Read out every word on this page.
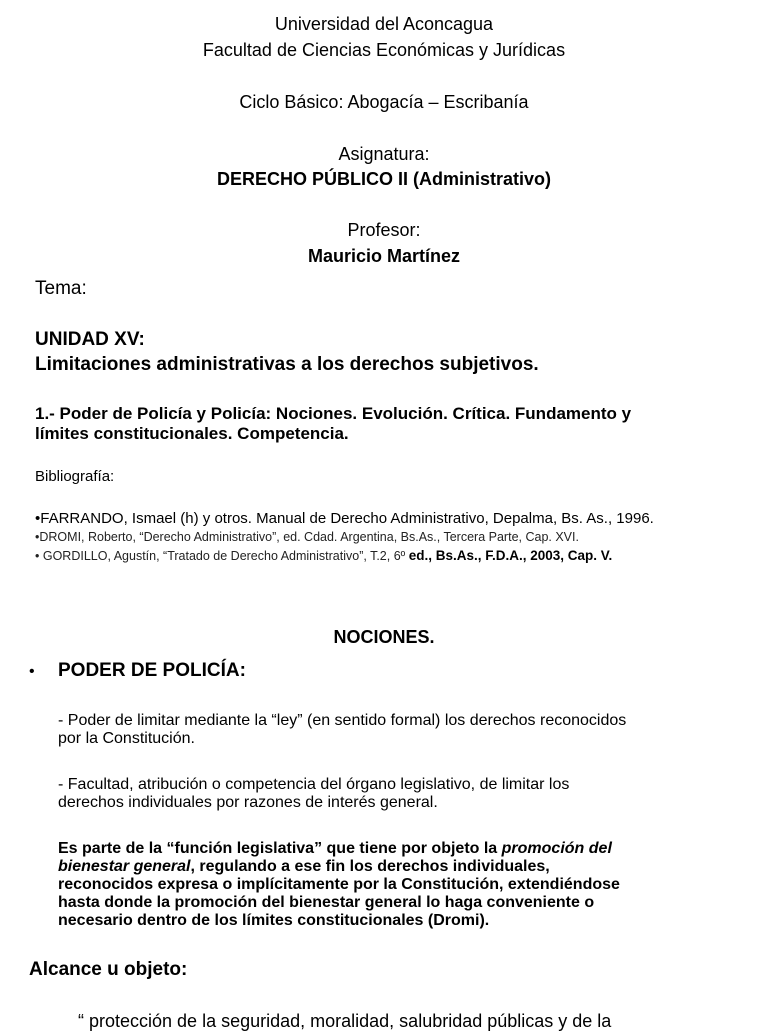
Universidad del Aconcagua
Facultad de Ciencias Económicas y Jurídicas
Ciclo Básico: Abogacía – Escribanía
Asignatura:
DERECHO PÚBLICO II (Administrativo)
Profesor:
Mauricio Martínez
Tema:
UNIDAD XV:
Limitaciones administrativas a los derechos subjetivos.
1.- Poder de Policía y Policía: Nociones. Evolución. Crítica. Fundamento y
límites constitucionales. Competencia.
Bibliografía:
•FARRANDO, Ismael (h) y otros. Manual de Derecho Administrativo, Depalma, Bs. As., 1996.
•DROMI, Roberto, “Derecho Administrativo”, ed. Cdad. Argentina, Bs.As., Tercera Parte, Cap. XVI.
• GORDILLO, Agustín, “Tratado de Derecho Administrativo”, T.2, 6º ed., Bs.As., F.D.A., 2003, Cap. V.
NOCIONES.
• PODER DE POLICÍA:
- Poder de limitar mediante la “ley” (en sentido formal) los derechos reconocidos
por la Constitución.
- Facultad, atribución o competencia del órgano legislativo, de limitar los
derechos individuales por razones de interés general.
Es parte de la “función legislativa” que tiene por objeto la promoción del
bienestar general, regulando a ese fin los derechos individuales,
reconocidos expresa o implícitamente por la Constitución, extendiéndose
hasta donde la promoción del bienestar general lo haga conveniente o
necesario dentro de los límites constitucionales (Dromi).
Alcance u objeto:
“ protección de la seguridad, moralidad, salubridad públicas y de la
